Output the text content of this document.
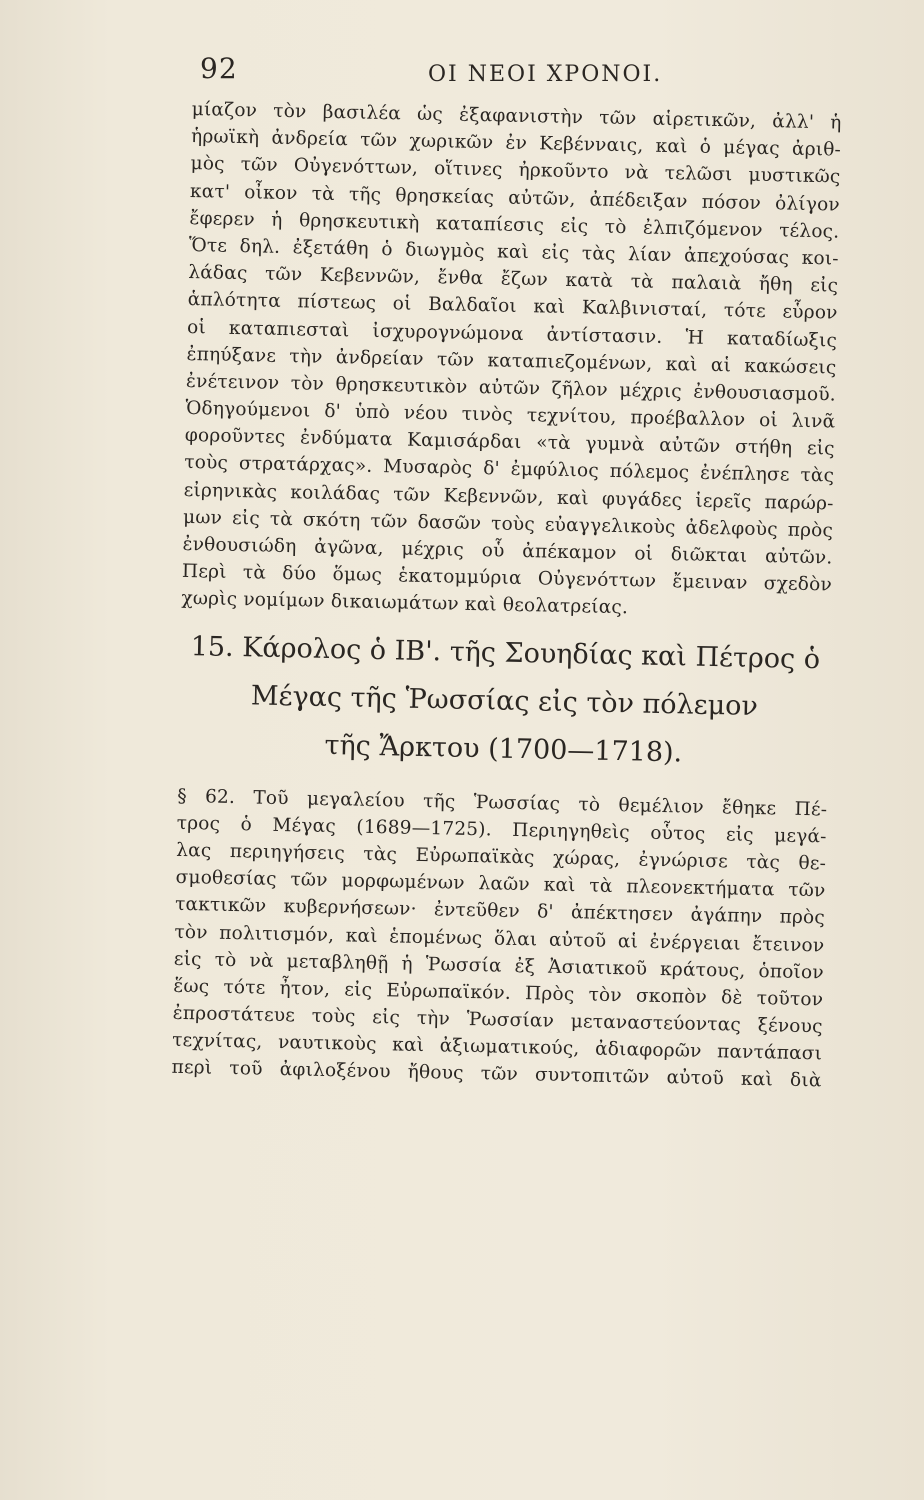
92	ΟΙ ΝΕΟΙ ΧΡΟΝΟΙ.
μίαζον τὸν βασιλέα ὡς ἐξαφανιστὴν τῶν αἱρετικῶν, ἀλλ' ἡ
ἡρωϊκὴ ἀνδρεία τῶν χωρικῶν ἐν Κεβένναις, καὶ ὁ μέγας ἀριθ-
μὸς τῶν Οὐγενόττων, οἵτινες ἠρκοῦντο νὰ τελῶσι μυστικῶς
κατ' οἶκον τὰ τῆς θρησκείας αὐτῶν, ἀπέδειξαν πόσον ὀλίγον
ἔφερεν ἡ θρησκευτικὴ καταπίεσις εἰς τὸ ἐλπιζόμενον τέλος.
Ὅτε δηλ. ἐξετάθη ὁ διωγμὸς καὶ εἰς τὰς λίαν ἀπεχούσας κοι-
λάδας τῶν Κεβεννῶν, ἔνθα ἔζων κατὰ τὰ παλαιὰ ἤθη εἰς
ἁπλότητα πίστεως οἱ Βαλδαῖοι καὶ Καλβινισταί, τότε εὗρον
οἱ καταπιεσταὶ ἰσχυρογνώμονα ἀντίστασιν. Ἡ καταδίωξις
ἐπηύξανε τὴν ἀνδρείαν τῶν καταπιεζομένων, καὶ αἱ κακώσεις
ἐνέτεινον τὸν θρησκευτικὸν αὐτῶν ζῆλον μέχρις ἐνθουσιασμοῦ.
Ὁδηγούμενοι δ' ὑπὸ νέου τινὸς τεχνίτου, προέβαλλον οἱ λινᾶ
φοροῦντες ἐνδύματα Καμισάρδαι «τὰ γυμνὰ αὐτῶν στήθη εἰς
τοὺς στρατάρχας». Μυσαρὸς δ' ἐμφύλιος πόλεμος ἐνέπλησε τὰς
εἰρηνικὰς κοιλάδας τῶν Κεβεννῶν, καὶ φυγάδες ἱερεῖς παρώρ-
μων εἰς τὰ σκότη τῶν δασῶν τοὺς εὐαγγελικοὺς ἀδελφοὺς πρὸς
ἐνθουσιώδη ἀγῶνα, μέχρις οὗ ἀπέκαμον οἱ διῶκται αὐτῶν.
Περὶ τὰ δύο ὅμως ἑκατομμύρια Οὐγενόττων ἔμειναν σχεδὸν
χωρὶς νομίμων δικαιωμάτων καὶ θεολατρείας.
15. Κάρολος ὁ ΙΒ'. τῆς Σουηδίας καὶ Πέτρος ὁ
Μέγας τῆς Ῥωσσίας εἰς τὸν πόλεμον
τῆς Ἄρκτου (1700—1718).
§ 62. Τοῦ μεγαλείου τῆς Ῥωσσίας τὸ θεμέλιον ἔθηκε Πέ-
τρος ὁ Μέγας (1689—1725). Περιηγηθεὶς οὗτος εἰς μεγά-
λας περιηγήσεις τὰς Εὐρωπαϊκὰς χώρας, ἐγνώρισε τὰς θε-
σμοθεσίας τῶν μορφωμένων λαῶν καὶ τὰ πλεονεκτήματα τῶν
τακτικῶν κυβερνήσεων· ἐντεῦθεν δ' ἀπέκτησεν ἀγάπην πρὸς
τὸν πολιτισμόν, καὶ ἑπομένως ὅλαι αὐτοῦ αἱ ἐνέργειαι ἔτεινον
εἰς τὸ νὰ μεταβληθῇ ἡ Ῥωσσία ἐξ Ἀσιατικοῦ κράτους, ὁποῖον
ἕως τότε ἦτον, εἰς Εὐρωπαϊκόν. Πρὸς τὸν σκοπὸν δὲ τοῦτον
ἐπροστάτευε τοὺς εἰς τὴν Ῥωσσίαν μεταναστεύοντας ξένους
τεχνίτας, ναυτικοὺς καὶ ἀξιωματικούς, ἀδιαφορῶν παντάπασι
περὶ τοῦ ἀφιλοξένου ἤθους τῶν συντοπιτῶν αὐτοῦ καὶ διὰ
